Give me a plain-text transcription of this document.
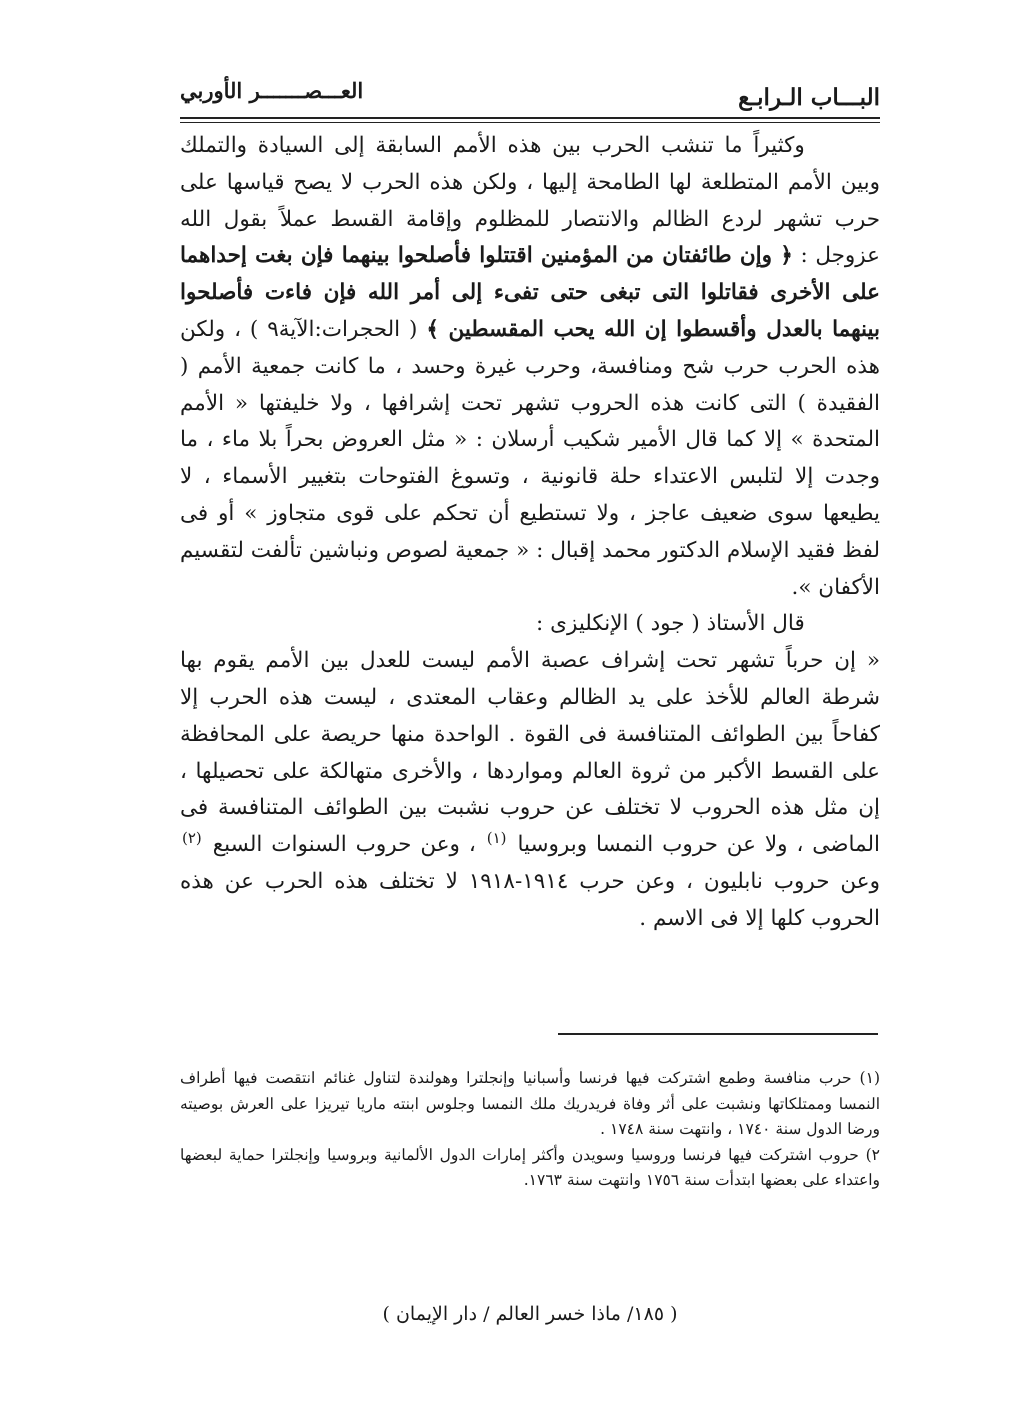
البـــاب الـرابـع
العـــصـــــــر الأوربي

وكثيراً ما تنشب الحرب بين هذه الأمم السابقة إلى السيادة والتملك وبين الأمم المتطلعة لها الطامحة إليها ، ولكن هذه الحرب لا يصح قياسها على حرب تشهر لردع الظالم والانتصار للمظلوم وإقامة القسط عملاً بقول الله عزوجل : ﴿ وإن طائفتان من المؤمنين اقتتلوا فأصلحوا بينهما فإن بغت إحداهما على الأخرى فقاتلوا التى تبغى حتى تفىء إلى أمر الله فإن فاءت فأصلحوا بينهما بالعدل وأقسطوا إن الله يحب المقسطين ﴾ ( الحجرات:الآية٩ ) ، ولكن هذه الحرب حرب شح ومنافسة، وحرب غيرة وحسد ، ما كانت جمعية الأمم ( الفقيدة ) التى كانت هذه الحروب تشهر تحت إشرافها ، ولا خليفتها « الأمم المتحدة » إلا كما قال الأمير شكيب أرسلان : « مثل العروض بحراً بلا ماء ، ما وجدت إلا لتلبس الاعتداء حلة قانونية ، وتسوغ الفتوحات بتغيير الأسماء ، لا يطيعها سوى ضعيف عاجز ، ولا تستطيع أن تحكم على قوى متجاوز » أو فى لفظ فقيد الإسلام الدكتور محمد إقبال : « جمعية لصوص ونباشين تألفت لتقسيم الأكفان ».

قال الأستاذ ( جود ) الإنكليزى :

« إن حرباً تشهر تحت إشراف عصبة الأمم ليست للعدل بين الأمم يقوم بها شرطة العالم للأخذ على يد الظالم وعقاب المعتدى ، ليست هذه الحرب إلا كفاحاً بين الطوائف المتنافسة فى القوة . الواحدة منها حريصة على المحافظة على القسط الأكبر من ثروة العالم ومواردها ، والأخرى متهالكة على تحصيلها ، إن مثل هذه الحروب لا تختلف عن حروب نشبت بين الطوائف المتنافسة فى الماضى ، ولا عن حروب النمسا وبروسيا $^{(١)}$ ، وعن حروب السنوات السبع $^{(٢)}$ وعن حروب نابليون ، وعن حرب ١٩١٤-١٩١٨ لا تختلف هذه الحرب عن هذه الحروب كلها إلا فى الاسم .

(١) حرب منافسة وطمع اشتركت فيها فرنسا وأسبانيا وإنجلترا وهولندة لتناول غنائم انتقصت فيها أطراف النمسا وممتلكاتها ونشبت على أثر وفاة فريدريك ملك النمسا وجلوس ابنته ماريا تيريزا على العرش بوصيته ورضا الدول سنة ١٧٤٠ ، وانتهت سنة ١٧٤٨ .

٢) حروب اشتركت فيها فرنسا وروسيا وسويدن وأكثر إمارات الدول الألمانية وبروسيا وإنجلترا حماية لبعضها واعتداء على بعضها ابتدأت سنة ١٧٥٦ وانتهت سنة ١٧٦٣.

( ١٨٥/ ماذا خسر العالم / دار الإيمان )
